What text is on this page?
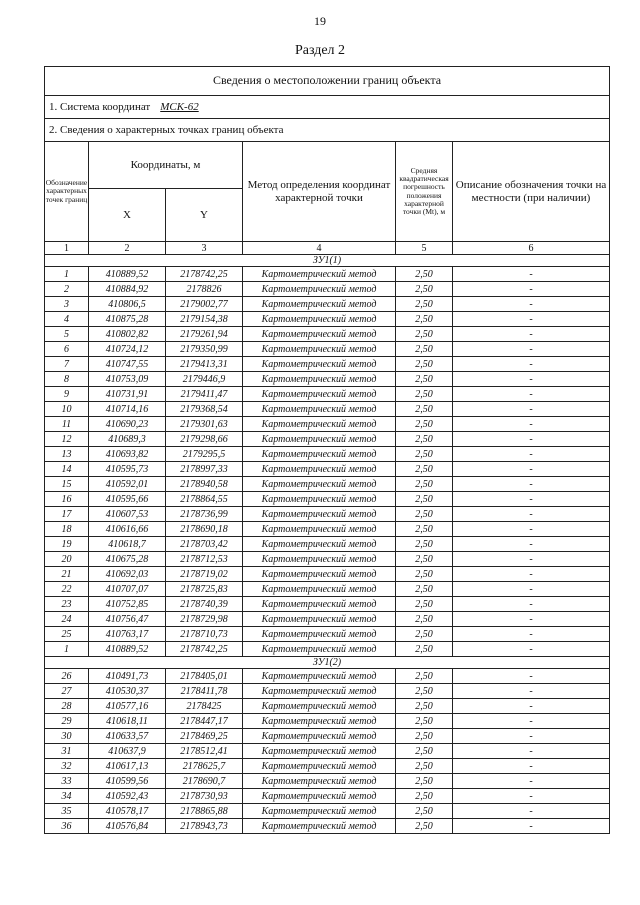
19
Раздел 2
Сведения о местоположении границ объекта					
1. Система координат МСК-62					
2. Сведения о характерных точках границ объекта					
Обозначение характерных точек границ	Координаты, м		Метод определения координат характерной точки	Средняя квадратическая погрешность положения характерной точки (Мt), м	Описание обозначения точки на местности (при наличии)
	X	Y			
1	2	3	4	5	6
ЗУ1(1)					
1	410889,52	2178742,25	Картометрический метод	2,50	-
2	410884,92	2178826	Картометрический метод	2,50	-
3	410806,5	2179002,77	Картометрический метод	2,50	-
4	410875,28	2179154,38	Картометрический метод	2,50	-
5	410802,82	2179261,94	Картометрический метод	2,50	-
6	410724,12	2179350,99	Картометрический метод	2,50	-
7	410747,55	2179413,31	Картометрический метод	2,50	-
8	410753,09	2179446,9	Картометрический метод	2,50	-
9	410731,91	2179411,47	Картометрический метод	2,50	-
10	410714,16	2179368,54	Картометрический метод	2,50	-
11	410690,23	2179301,63	Картометрический метод	2,50	-
12	410689,3	2179298,66	Картометрический метод	2,50	-
13	410693,82	2179295,5	Картометрический метод	2,50	-
14	410595,73	2178997,33	Картометрический метод	2,50	-
15	410592,01	2178940,58	Картометрический метод	2,50	-
16	410595,66	2178864,55	Картометрический метод	2,50	-
17	410607,53	2178736,99	Картометрический метод	2,50	-
18	410616,66	2178690,18	Картометрический метод	2,50	-
19	410618,7	2178703,42	Картометрический метод	2,50	-
20	410675,28	2178712,53	Картометрический метод	2,50	-
21	410692,03	2178719,02	Картометрический метод	2,50	-
22	410707,07	2178725,83	Картометрический метод	2,50	-
23	410752,85	2178740,39	Картометрический метод	2,50	-
24	410756,47	2178729,98	Картометрический метод	2,50	-
25	410763,17	2178710,73	Картометрический метод	2,50	-
1	410889,52	2178742,25	Картометрический метод	2,50	-
ЗУ1(2)					
26	410491,73	2178405,01	Картометрический метод	2,50	-
27	410530,37	2178411,78	Картометрический метод	2,50	-
28	410577,16	2178425	Картометрический метод	2,50	-
29	410618,11	2178447,17	Картометрический метод	2,50	-
30	410633,57	2178469,25	Картометрический метод	2,50	-
31	410637,9	2178512,41	Картометрический метод	2,50	-
32	410617,13	2178625,7	Картометрический метод	2,50	-
33	410599,56	2178690,7	Картометрический метод	2,50	-
34	410592,43	2178730,93	Картометрический метод	2,50	-
35	410578,17	2178865,88	Картометрический метод	2,50	-
36	410576,84	2178943,73	Картометрический метод	2,50	-
